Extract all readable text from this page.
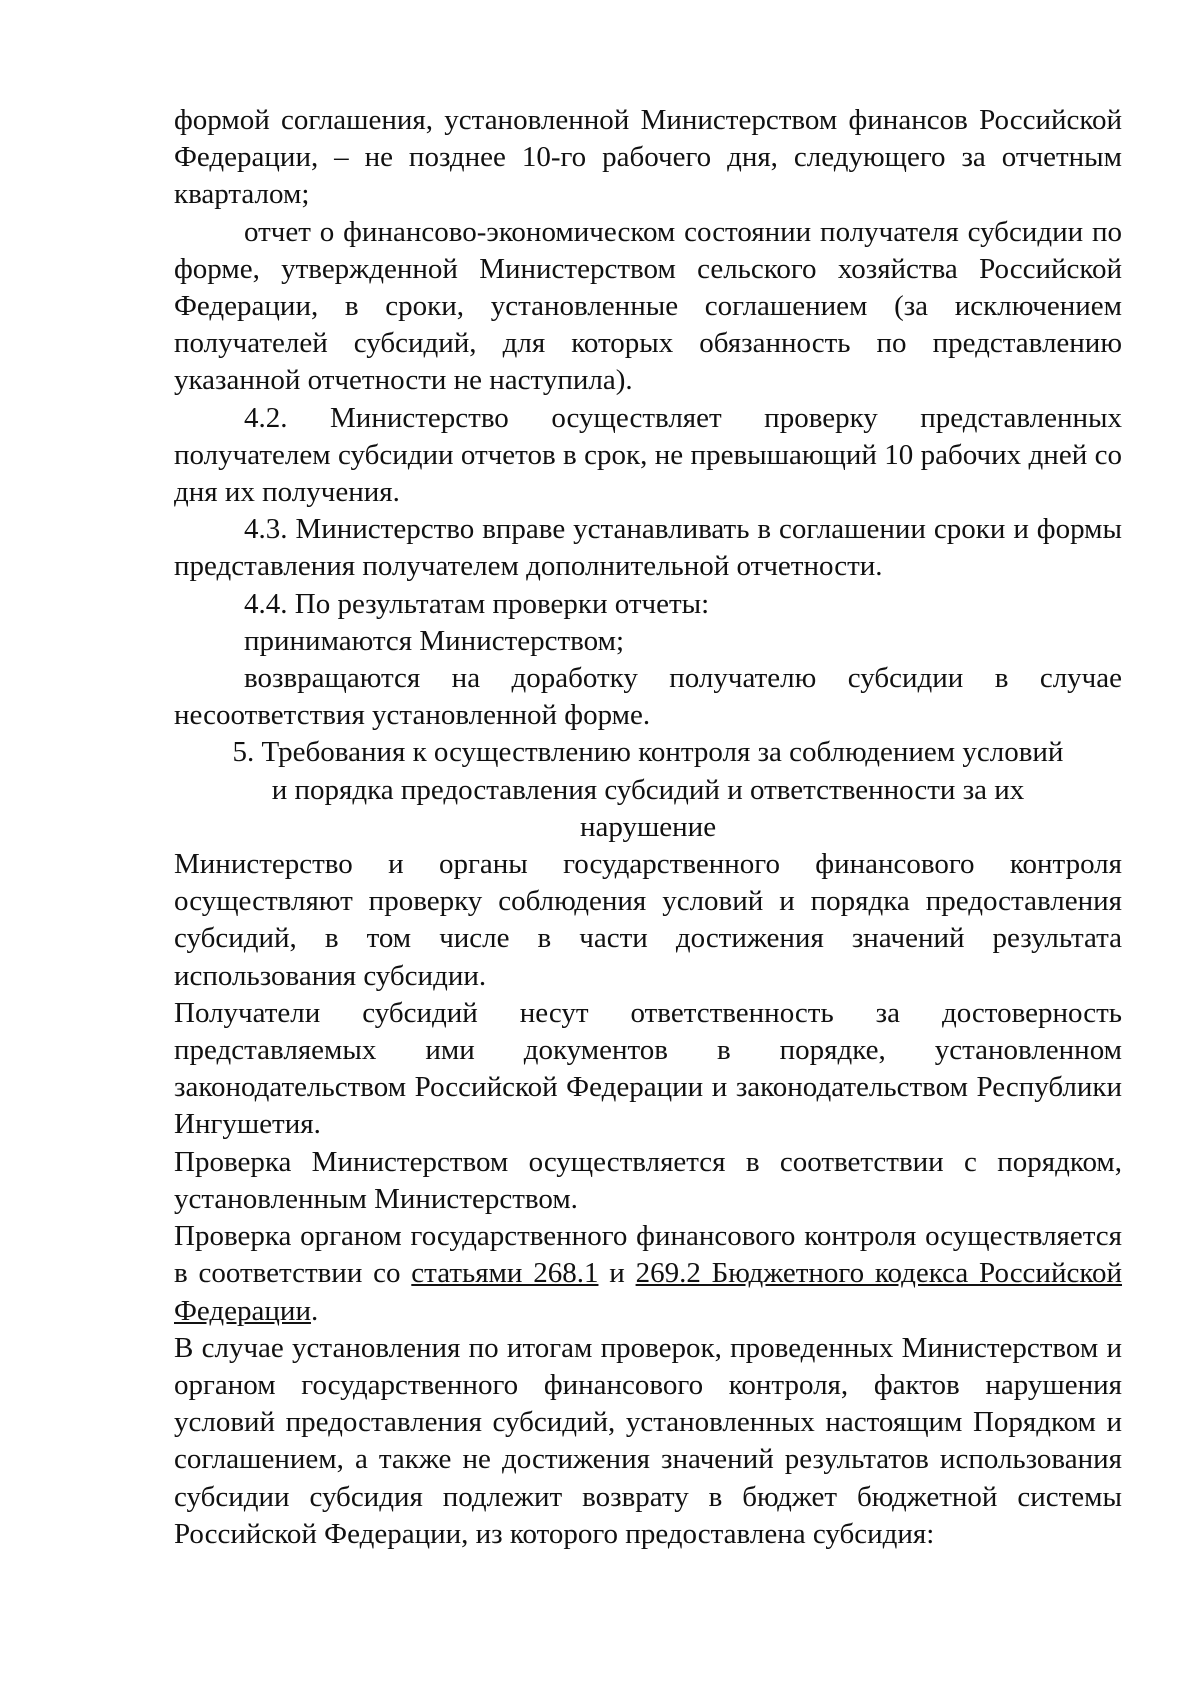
формой соглашения, установленной Министерством финансов Российской
Федерации, – не позднее 10-го рабочего дня, следующего за отчетным
кварталом;

отчет о финансово-экономическом состоянии получателя субсидии по форме, утвержденной Министерством сельского хозяйства Российской Федерации, в сроки, установленные соглашением (за исключением получателей субсидий, для которых обязанность по представлению указанной отчетности не наступила).

4.2. Министерство осуществляет проверку представленных получателем субсидии отчетов в срок, не превышающий 10 рабочих дней со дня их получения.

4.3. Министерство вправе устанавливать в соглашении сроки и формы представления получателем дополнительной отчетности.

4.4. По результатам проверки отчеты:

принимаются Министерством;

возвращаются на доработку получателю субсидии в случае несоответствия установленной форме.

5. Требования к осуществлению контроля за соблюдением условий
и порядка предоставления субсидий и ответственности за их
нарушение

Министерство и органы государственного финансового контроля осуществляют проверку соблюдения условий и порядка предоставления субсидий, в том числе в части достижения значений результата использования субсидии.

Получатели субсидий несут ответственность за достоверность представляемых ими документов в порядке, установленном законодательством Российской Федерации и законодательством Республики Ингушетия.

Проверка Министерством осуществляется в соответствии с порядком, установленным Министерством.

Проверка органом государственного финансового контроля осуществляется в соответствии со статьями 268.1 и 269.2 Бюджетного кодекса Российской Федерации.

В случае установления по итогам проверок, проведенных Министерством и органом государственного финансового контроля, фактов нарушения условий предоставления субсидий, установленных настоящим Порядком и соглашением, а также не достижения значений результатов использования субсидии субсидия подлежит возврату в бюджет бюджетной системы Российской Федерации, из которого предоставлена субсидия:
